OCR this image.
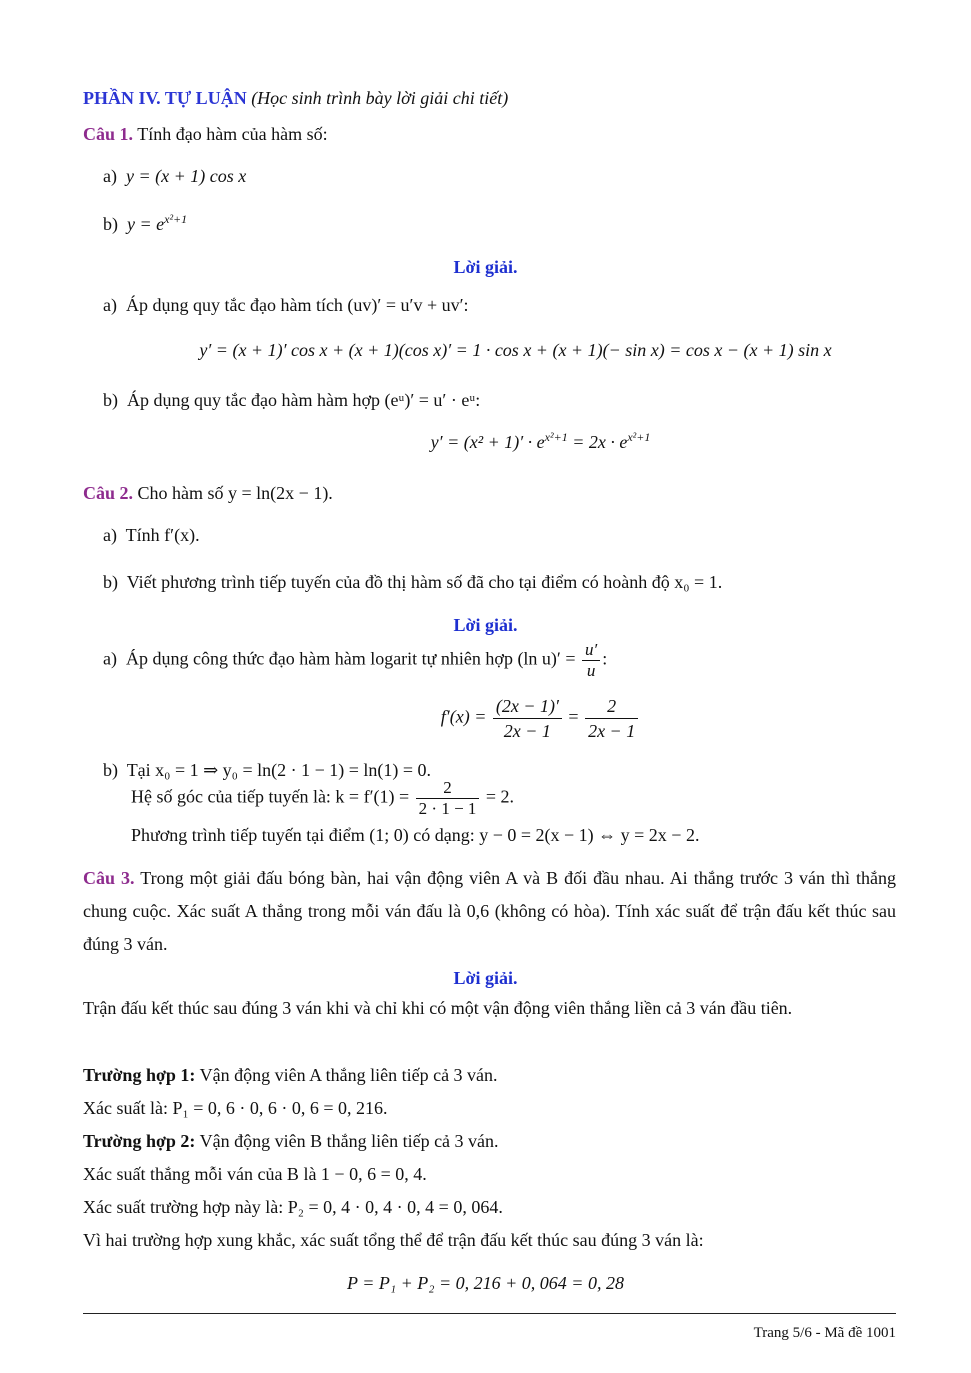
PHẦN IV. TỰ LUẬN (Học sinh trình bày lời giải chi tiết)
Câu 1. Tính đạo hàm của hàm số:
a) y = (x + 1) cos x
b) $y = e^{x^2+1}$
Lời giải.
a) Áp dụng quy tắc đạo hàm tích (uv)′ = u′v + uv′:
y′ = (x + 1)′ cos x + (x + 1)(cos x)′ = 1 · cos x + (x + 1)(− sin x) = cos x − (x + 1) sin x
b) Áp dụng quy tắc đạo hàm hàm hợp (eᵘ)′ = u′ · eᵘ:
$y' = (x^2 + 1)' \cdot e^{x^2+1} = 2x \cdot e^{x^2+1}$
Câu 2. Cho hàm số y = ln(2x − 1).
a) Tính f′(x).
b) Viết phương trình tiếp tuyến của đồ thị hàm số đã cho tại điểm có hoành độ x₀ = 1.
Lời giải.
a) Áp dụng công thức đạo hàm hàm logarit tự nhiên hợp (ln $u)' = \frac{u'}{u}$ :
$f'(x) = \frac{(2x - 1)'}{2x - 1} = \frac{2}{2x - 1}$
b) Tại x₀ = 1 ⇒ y₀ = ln(2 · 1 − 1) = ln(1) = 0.
Hệ số góc của tiếp tuyến là: $k = f'(1) = \frac{2}{2 \cdot 1 - 1} = 2$.
Phương trình tiếp tuyến tại điểm (1; 0) có dạng: y − 0 = 2(x − 1) ⇔ y = 2x − 2.
Câu 3. Trong một giải đấu bóng bàn, hai vận động viên A và B đối đầu nhau. Ai thắng trước 3 ván thì thắng chung cuộc. Xác suất A thắng trong mỗi ván đấu là 0,6 (không có hòa). Tính xác suất để trận đấu kết thúc sau đúng 3 ván.
Lời giải.
Trận đấu kết thúc sau đúng 3 ván khi và chỉ khi có một vận động viên thắng liền cả 3 ván đầu tiên.
Trường hợp 1: Vận động viên A thắng liên tiếp cả 3 ván.
Xác suất là: P₁ = 0, 6 · 0, 6 · 0, 6 = 0, 216.
Trường hợp 2: Vận động viên B thắng liên tiếp cả 3 ván.
Xác suất thắng mỗi ván của B là 1 − 0, 6 = 0, 4.
Xác suất trường hợp này là: P₂ = 0, 4 · 0, 4 · 0, 4 = 0, 064.
Vì hai trường hợp xung khắc, xác suất tổng thể để trận đấu kết thúc sau đúng 3 ván là:
P = P₁ + P₂ = 0, 216 + 0, 064 = 0, 28
Trang 5/6 - Mã đề 1001
